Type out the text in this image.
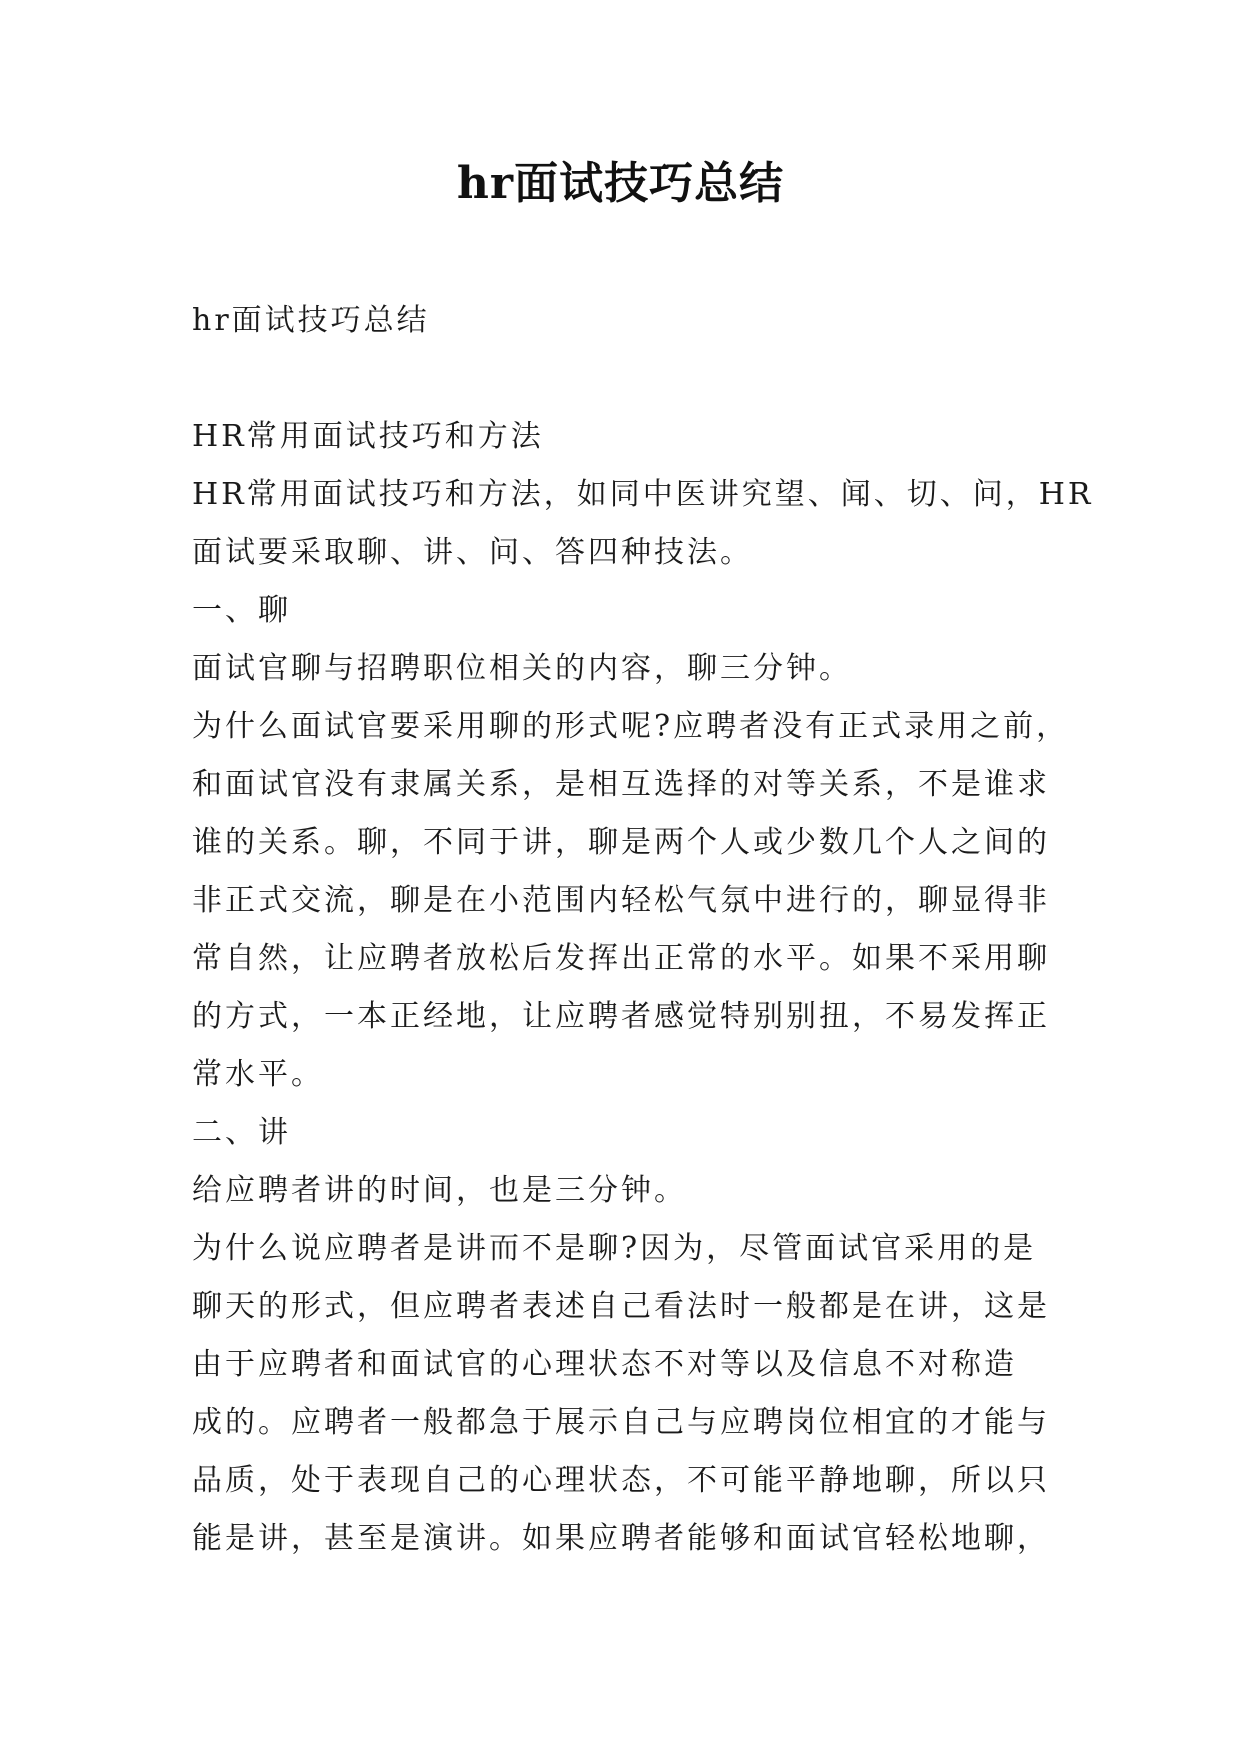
hr面试技巧总结

hr面试技巧总结

HR常用面试技巧和方法

HR常用面试技巧和方法，如同中医讲究望、闻、切、问，HR

面试要采取聊、讲、问、答四种技法。

一、聊

面试官聊与招聘职位相关的内容，聊三分钟。

为什么面试官要采用聊的形式呢?应聘者没有正式录用之前，

和面试官没有隶属关系，是相互选择的对等关系，不是谁求

谁的关系。聊，不同于讲，聊是两个人或少数几个人之间的

非正式交流，聊是在小范围内轻松气氛中进行的，聊显得非

常自然，让应聘者放松后发挥出正常的水平。如果不采用聊

的方式，一本正经地，让应聘者感觉特别别扭，不易发挥正

常水平。

二、讲

给应聘者讲的时间，也是三分钟。

为什么说应聘者是讲而不是聊?因为，尽管面试官采用的是

聊天的形式，但应聘者表述自己看法时一般都是在讲，这是

由于应聘者和面试官的心理状态不对等以及信息不对称造

成的。应聘者一般都急于展示自己与应聘岗位相宜的才能与

品质，处于表现自己的心理状态，不可能平静地聊，所以只

能是讲，甚至是演讲。如果应聘者能够和面试官轻松地聊，
